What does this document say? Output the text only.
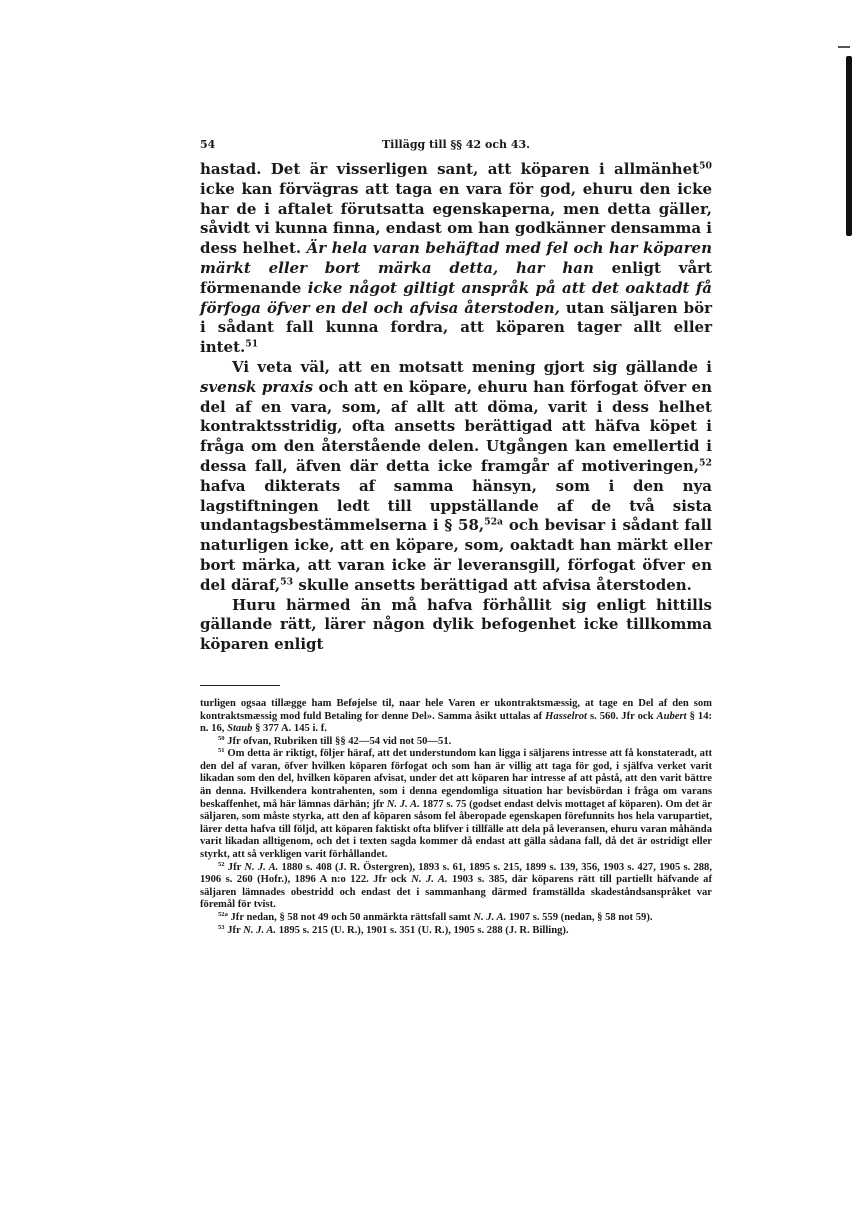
54	Tillägg till §§ 42 och 43.

hastad. Det är visserligen sant, att köparen i allmänhet$^{50}$ icke kan förvägras att taga en vara för god, ehuru den icke har de i aftalet förutsatta egenskaperna, men detta gäller, såvidt vi kunna finna, endast om han godkänner densamma i dess helhet. Är hela varan behäftad med fel och har köparen märkt eller bort märka detta, har han enligt vårt förmenande icke något giltigt anspråk på att det oaktadt få förfoga öfver en del och afvisa återstoden, utan säljaren bör i sådant fall kunna fordra, att köparen tager allt eller intet.$^{51}$

Vi veta väl, att en motsatt mening gjort sig gällande i svensk praxis och att en köpare, ehuru han förfogat öfver en del af en vara, som, af allt att döma, varit i dess helhet kontraktsstridig, ofta ansetts berättigad att häfva köpet i fråga om den återstående delen. Utgången kan emellertid i dessa fall, äfven där detta icke framgår af motiveringen,$^{52}$ hafva dikterats af samma hänsyn, som i den nya lagstiftningen ledt till uppställande af de två sista undantagsbestämmelserna i § 58,$^{52a}$ och bevisar i sådant fall naturligen icke, att en köpare, som, oaktadt han märkt eller bort märka, att varan icke är leveransgill, förfogat öfver en del däraf,$^{53}$ skulle ansetts berättigad att afvisa återstoden.

Huru härmed än må hafva förhållit sig enligt hittills gällande rätt, lärer någon dylik befogenhet icke tillkomma köparen enligt

turligen ogsaa tillægge ham Beføjelse til, naar hele Varen er ukontraktsmæssig, at tage en Del af den som kontraktsmæssig mod fuld Betaling for denne Del». Samma åsikt uttalas af Hasselrot s. 560. Jfr ock Aubert § 14: n. 16, Staub § 377 A. 145 i. f.

$^{50}$ Jfr ofvan, Rubriken till §§ 42—54 vid not 50—51.

$^{51}$ Om detta är riktigt, följer häraf, att det understundom kan ligga i säljarens intresse att få konstateradt, att den del af varan, öfver hvilken köparen förfogat och som han är villig att taga för god, i själfva verket varit likadan som den del, hvilken köparen afvisat, under det att köparen har intresse af att påstå, att den varit bättre än denna. Hvilkendera kontrahenten, som i denna egendomliga situation har bevisbördan i fråga om varans beskaffenhet, må här lämnas därhän; jfr N. J. A. 1877 s. 75 (godset endast delvis mottaget af köparen). Om det är säljaren, som måste styrka, att den af köparen såsom fel åberopade egenskapen förefunnits hos hela varupartiet, lärer detta hafva till följd, att köparen faktiskt ofta blifver i tillfälle att dela på leveransen, ehuru varan måhända varit likadan alltigenom, och det i texten sagda kommer då endast att gälla sådana fall, då det är ostridigt eller styrkt, att så verkligen varit förhållandet.

$^{52}$ Jfr N. J. A. 1880 s. 408 (J. R. Östergren), 1893 s. 61, 1895 s. 215, 1899 s. 139, 356, 1903 s. 427, 1905 s. 288, 1906 s. 260 (Hofr.), 1896 A n:o 122. Jfr ock N. J. A. 1903 s. 385, där köparens rätt till partiellt häfvande af säljaren lämnades obestridd och endast det i sammanhang därmed framställda skadeståndsanspråket var föremål för tvist.

$^{52a}$ Jfr nedan, § 58 not 49 och 50 anmärkta rättsfall samt N. J. A. 1907 s. 559 (nedan, § 58 not 59).

$^{53}$ Jfr N. J. A. 1895 s. 215 (U. R.), 1901 s. 351 (U. R.), 1905 s. 288 (J. R. Billing).
